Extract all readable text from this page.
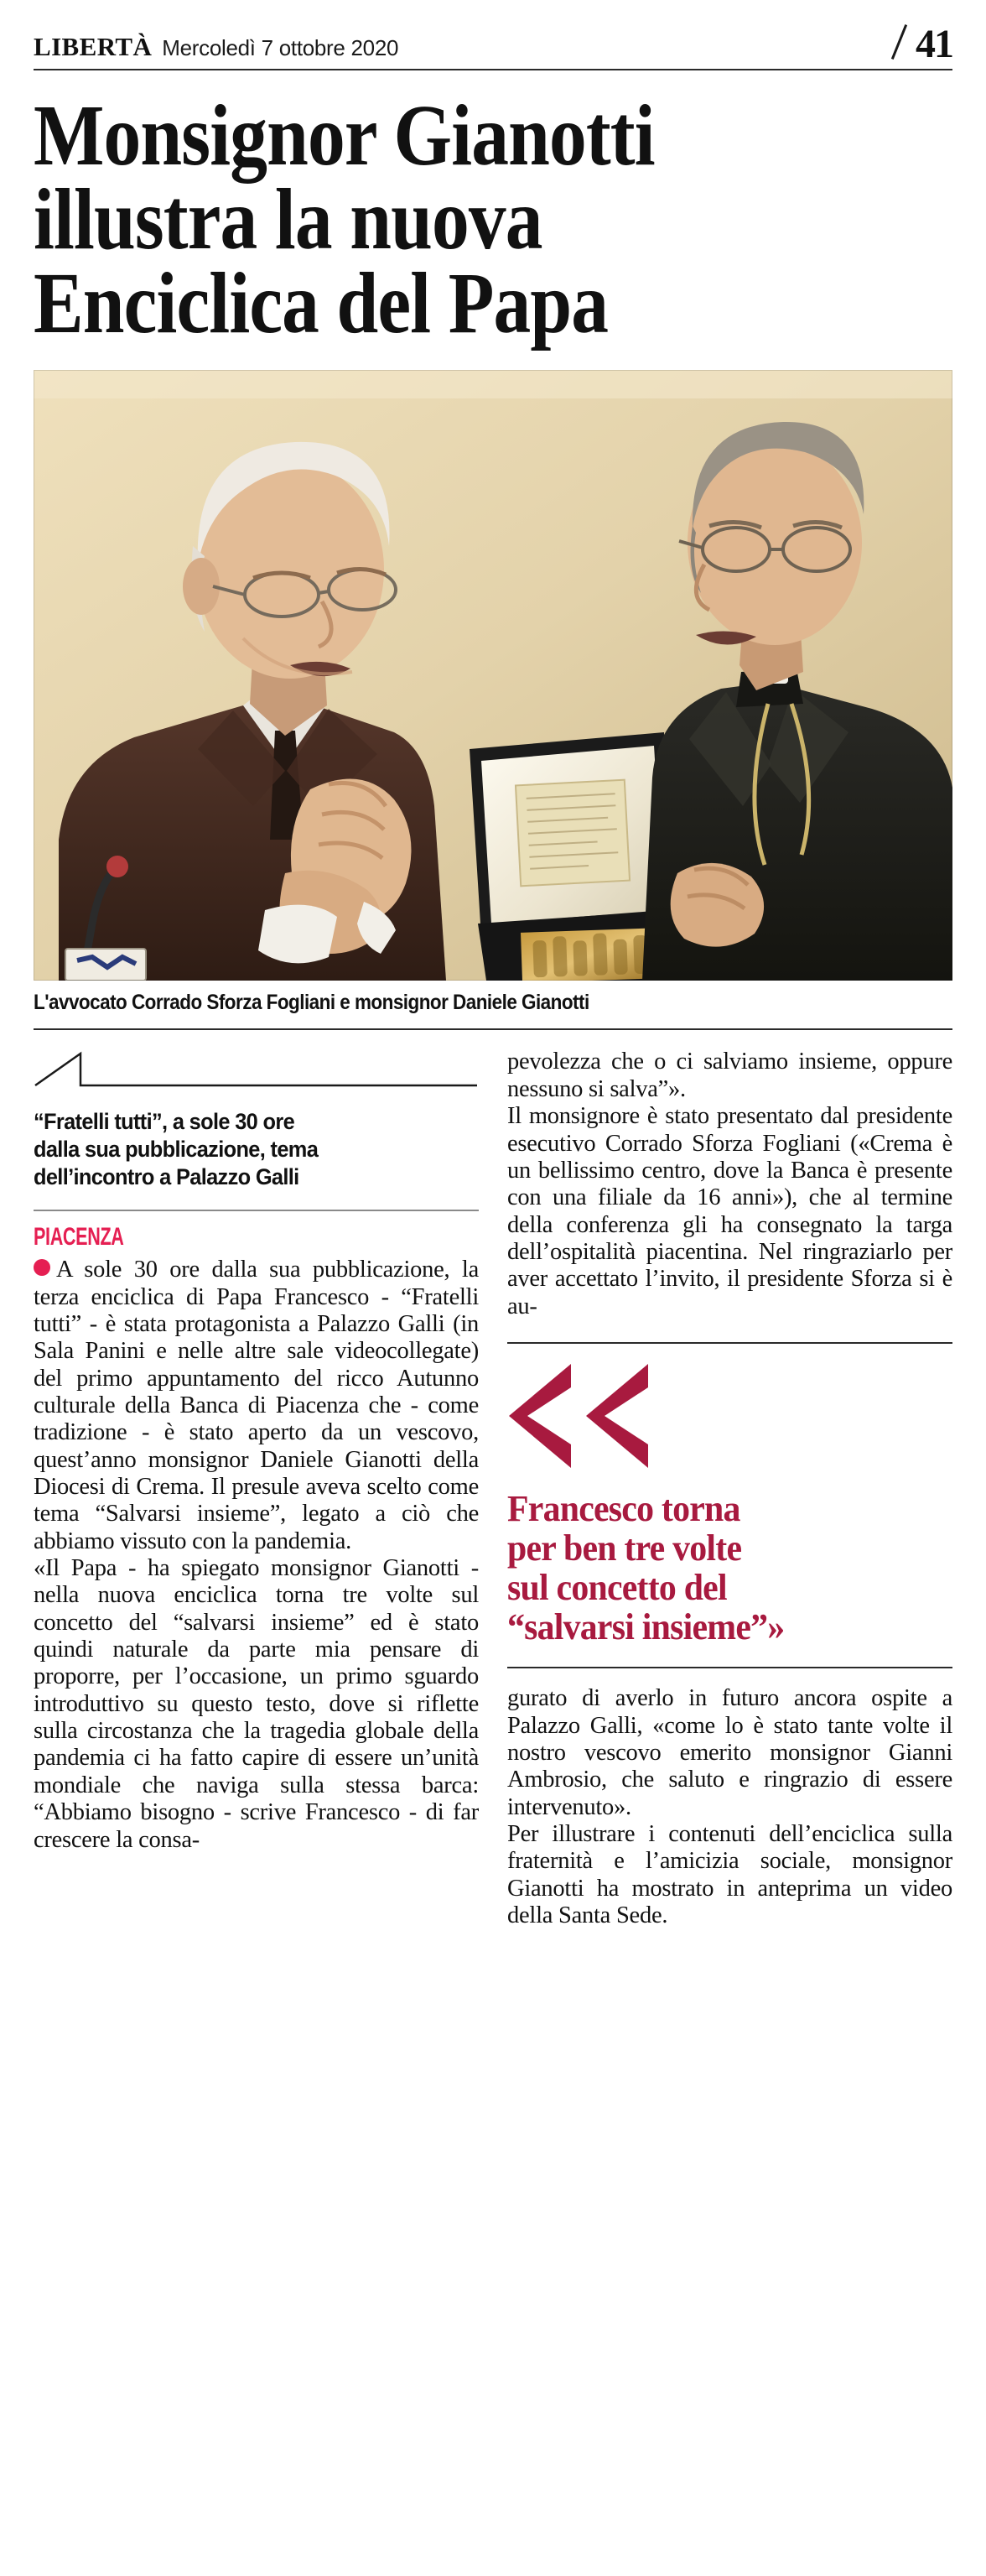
LIBERTÀ Mercoledì 7 ottobre 2020	41
Monsignor Gianotti
illustra la nuova
Enciclica del Papa
L'avvocato Corrado Sforza Fogliani e monsignor Daniele Gianotti
“Fratelli tutti”, a sole 30 ore
dalla sua pubblicazione, tema
dell’incontro a Palazzo Galli
PIACENZA

A sole 30 ore dalla sua pubblicazione, la terza enciclica di Papa Francesco - “Fratelli tutti” - è stata protagonista a Palazzo Galli (in Sala Panini e nelle altre sale videocollegate) del primo appuntamento del ricco Autunno culturale della Banca di Piacenza che - come tradizione - è stato aperto da un vescovo, quest’anno monsignor Daniele Gianotti della Diocesi di Crema. Il presule aveva scelto come tema “Salvarsi insieme”, legato a ciò che abbiamo vissuto con la pandemia.

«Il Papa - ha spiegato monsignor Gianotti - nella nuova enciclica torna tre volte sul concetto del “salvarsi insieme” ed è stato quindi naturale da parte mia pensare di proporre, per l’occasione, un primo sguardo introduttivo su questo testo, dove si riflette sulla circostanza che la tragedia globale della pandemia ci ha fatto capire di essere un’unità mondiale che naviga sulla stessa barca: “Abbiamo bisogno - scrive Francesco - di far crescere la consa-

pevolezza che o ci salviamo insieme, oppure nessuno si salva”».

Il monsignore è stato presentato dal presidente esecutivo Corrado Sforza Fogliani («Crema è un bellissimo centro, dove la Banca è presente con una filiale da 16 anni»), che al termine della conferenza gli ha consegnato la targa dell’ospitalità piacentina. Nel ringraziarlo per aver accettato l’invito, il presidente Sforza si è au-

Francesco torna
per ben tre volte
sul concetto del
“salvarsi insieme”»

gurato di averlo in futuro ancora ospite a Palazzo Galli, «come lo è stato tante volte il nostro vescovo emerito monsignor Gianni Ambrosio, che saluto e ringrazio di essere intervenuto».

Per illustrare i contenuti dell’enciclica sulla fraternità e l’amicizia sociale, monsignor Gianotti ha mostrato in anteprima un video della Santa Sede.
